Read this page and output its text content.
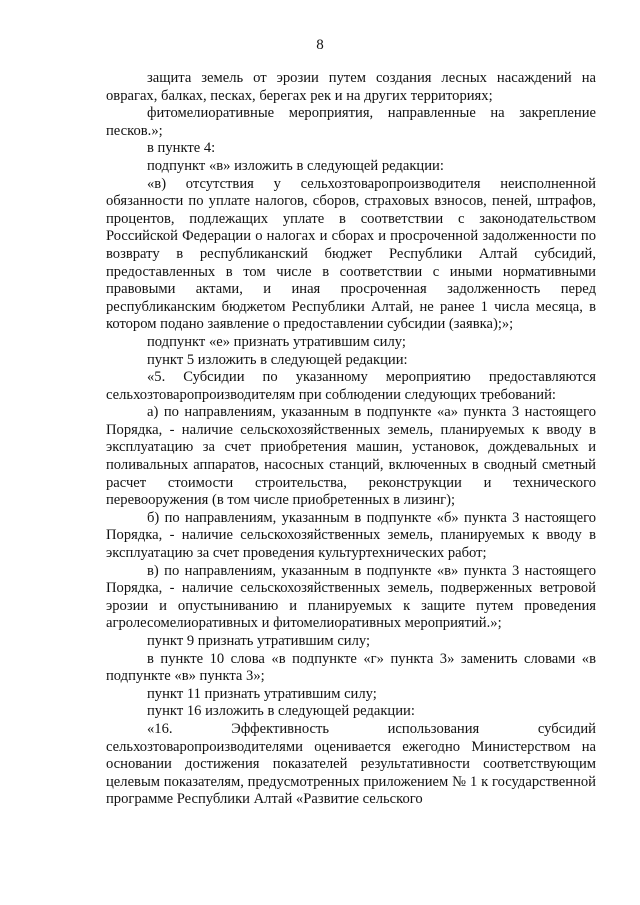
8

защита земель от эрозии путем создания лесных насаждений на оврагах, балках, песках, берегах рек и на других территориях;

фитомелиоративные мероприятия, направленные на закрепление песков.»;

в пункте 4:

подпункт «в» изложить в следующей редакции:

«в) отсутствия у сельхозтоваропроизводителя неисполненной обязанности по уплате налогов, сборов, страховых взносов, пеней, штрафов, процентов, подлежащих уплате в соответствии с законодательством Российской Федерации о налогах и сборах и просроченной задолженности по возврату в республиканский бюджет Республики Алтай субсидий, предоставленных в том числе в соответствии с иными нормативными правовыми актами, и иная просроченная задолженность перед республиканским бюджетом Республики Алтай, не ранее 1 числа месяца, в котором подано заявление о предоставлении субсидии (заявка);»;

подпункт «е» признать утратившим силу;

пункт 5 изложить в следующей редакции:

«5. Субсидии по указанному мероприятию предоставляются сельхозтоваропроизводителям при соблюдении следующих требований:

а) по направлениям, указанным в подпункте «а» пункта 3 настоящего Порядка, - наличие сельскохозяйственных земель, планируемых к вводу в эксплуатацию за счет приобретения машин, установок, дождевальных и поливальных аппаратов, насосных станций, включенных в сводный сметный расчет стоимости строительства, реконструкции и технического перевооружения (в том числе приобретенных в лизинг);

б) по направлениям, указанным в подпункте «б» пункта 3 настоящего Порядка, - наличие сельскохозяйственных земель, планируемых к вводу в эксплуатацию за счет проведения культуртехнических работ;

в) по направлениям, указанным в подпункте «в» пункта 3 настоящего Порядка, - наличие сельскохозяйственных земель, подверженных ветровой эрозии и опустыниванию и планируемых к защите путем проведения агролесомелиоративных и фитомелиоративных мероприятий.»;

пункт 9 признать утратившим силу;

в пункте 10 слова «в подпункте «г» пункта 3» заменить словами «в подпункте «в» пункта 3»;

пункт 11 признать утратившим силу;

пункт 16 изложить в следующей редакции:

«16. Эффективность использования субсидий сельхозтоваропроизводителями оценивается ежегодно Министерством на основании достижения показателей результативности соответствующим целевым показателям, предусмотренных приложением № 1 к государственной программе Республики Алтай «Развитие сельского
